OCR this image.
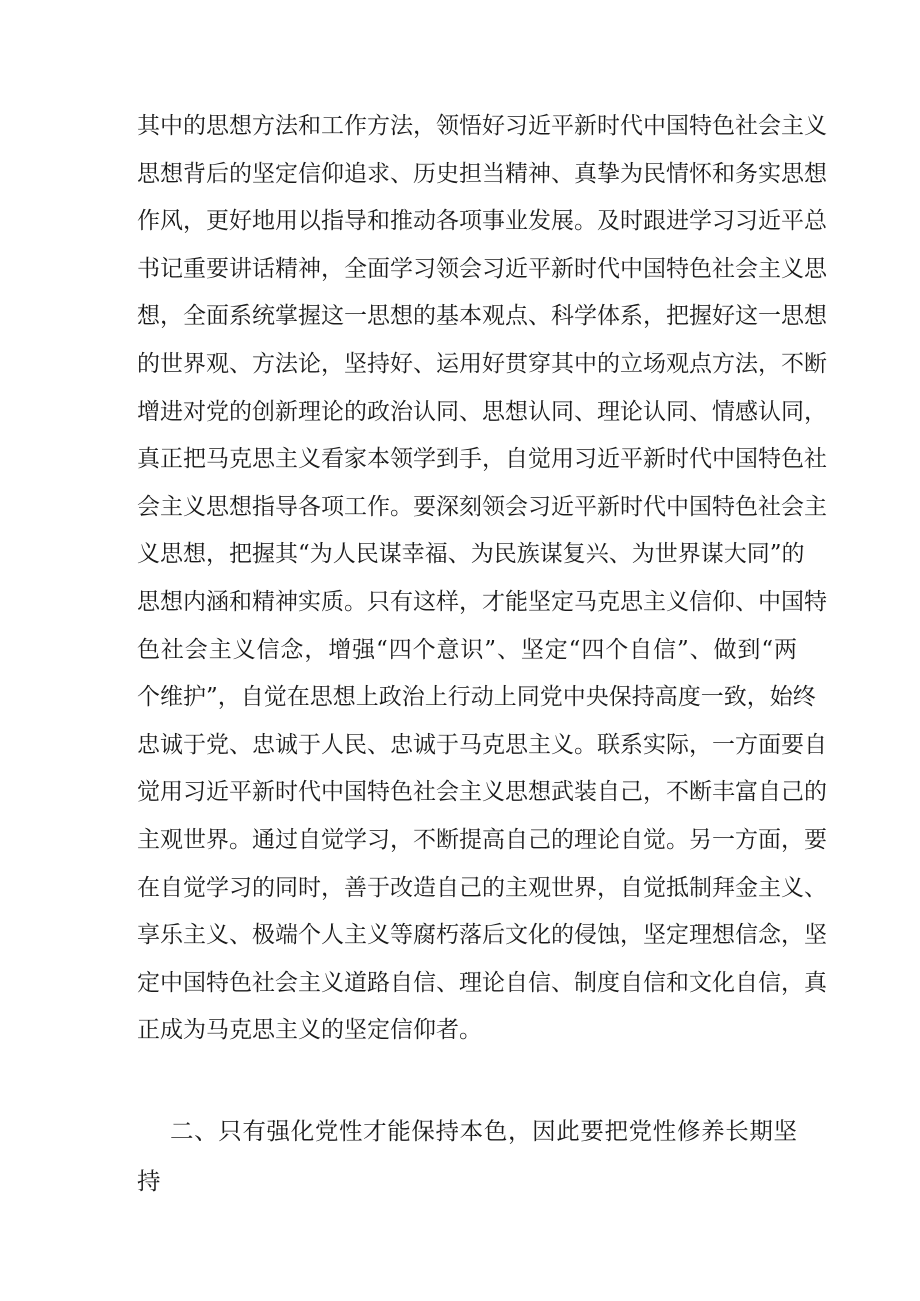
其中的思想方法和工作方法，领悟好习近平新时代中国特色社会主义
思想背后的坚定信仰追求、历史担当精神、真挚为民情怀和务实思想
作风，更好地用以指导和推动各项事业发展。及时跟进学习习近平总
书记重要讲话精神，全面学习领会习近平新时代中国特色社会主义思
想，全面系统掌握这一思想的基本观点、科学体系，把握好这一思想
的世界观、方法论，坚持好、运用好贯穿其中的立场观点方法，不断
增进对党的创新理论的政治认同、思想认同、理论认同、情感认同，
真正把马克思主义看家本领学到手，自觉用习近平新时代中国特色社
会主义思想指导各项工作。要深刻领会习近平新时代中国特色社会主
义思想，把握其“为人民谋幸福、为民族谋复兴、为世界谋大同”的
思想内涵和精神实质。只有这样，才能坚定马克思主义信仰、中国特
色社会主义信念，增强“四个意识”、坚定“四个自信”、做到“两
个维护”，自觉在思想上政治上行动上同党中央保持高度一致，始终
忠诚于党、忠诚于人民、忠诚于马克思主义。联系实际，一方面要自
觉用习近平新时代中国特色社会主义思想武装自己，不断丰富自己的
主观世界。通过自觉学习，不断提高自己的理论自觉。另一方面，要
在自觉学习的同时，善于改造自己的主观世界，自觉抵制拜金主义、
享乐主义、极端个人主义等腐朽落后文化的侵蚀，坚定理想信念，坚
定中国特色社会主义道路自信、理论自信、制度自信和文化自信，真
正成为马克思主义的坚定信仰者。
二、只有强化党性才能保持本色，因此要把党性修养长期坚
持
